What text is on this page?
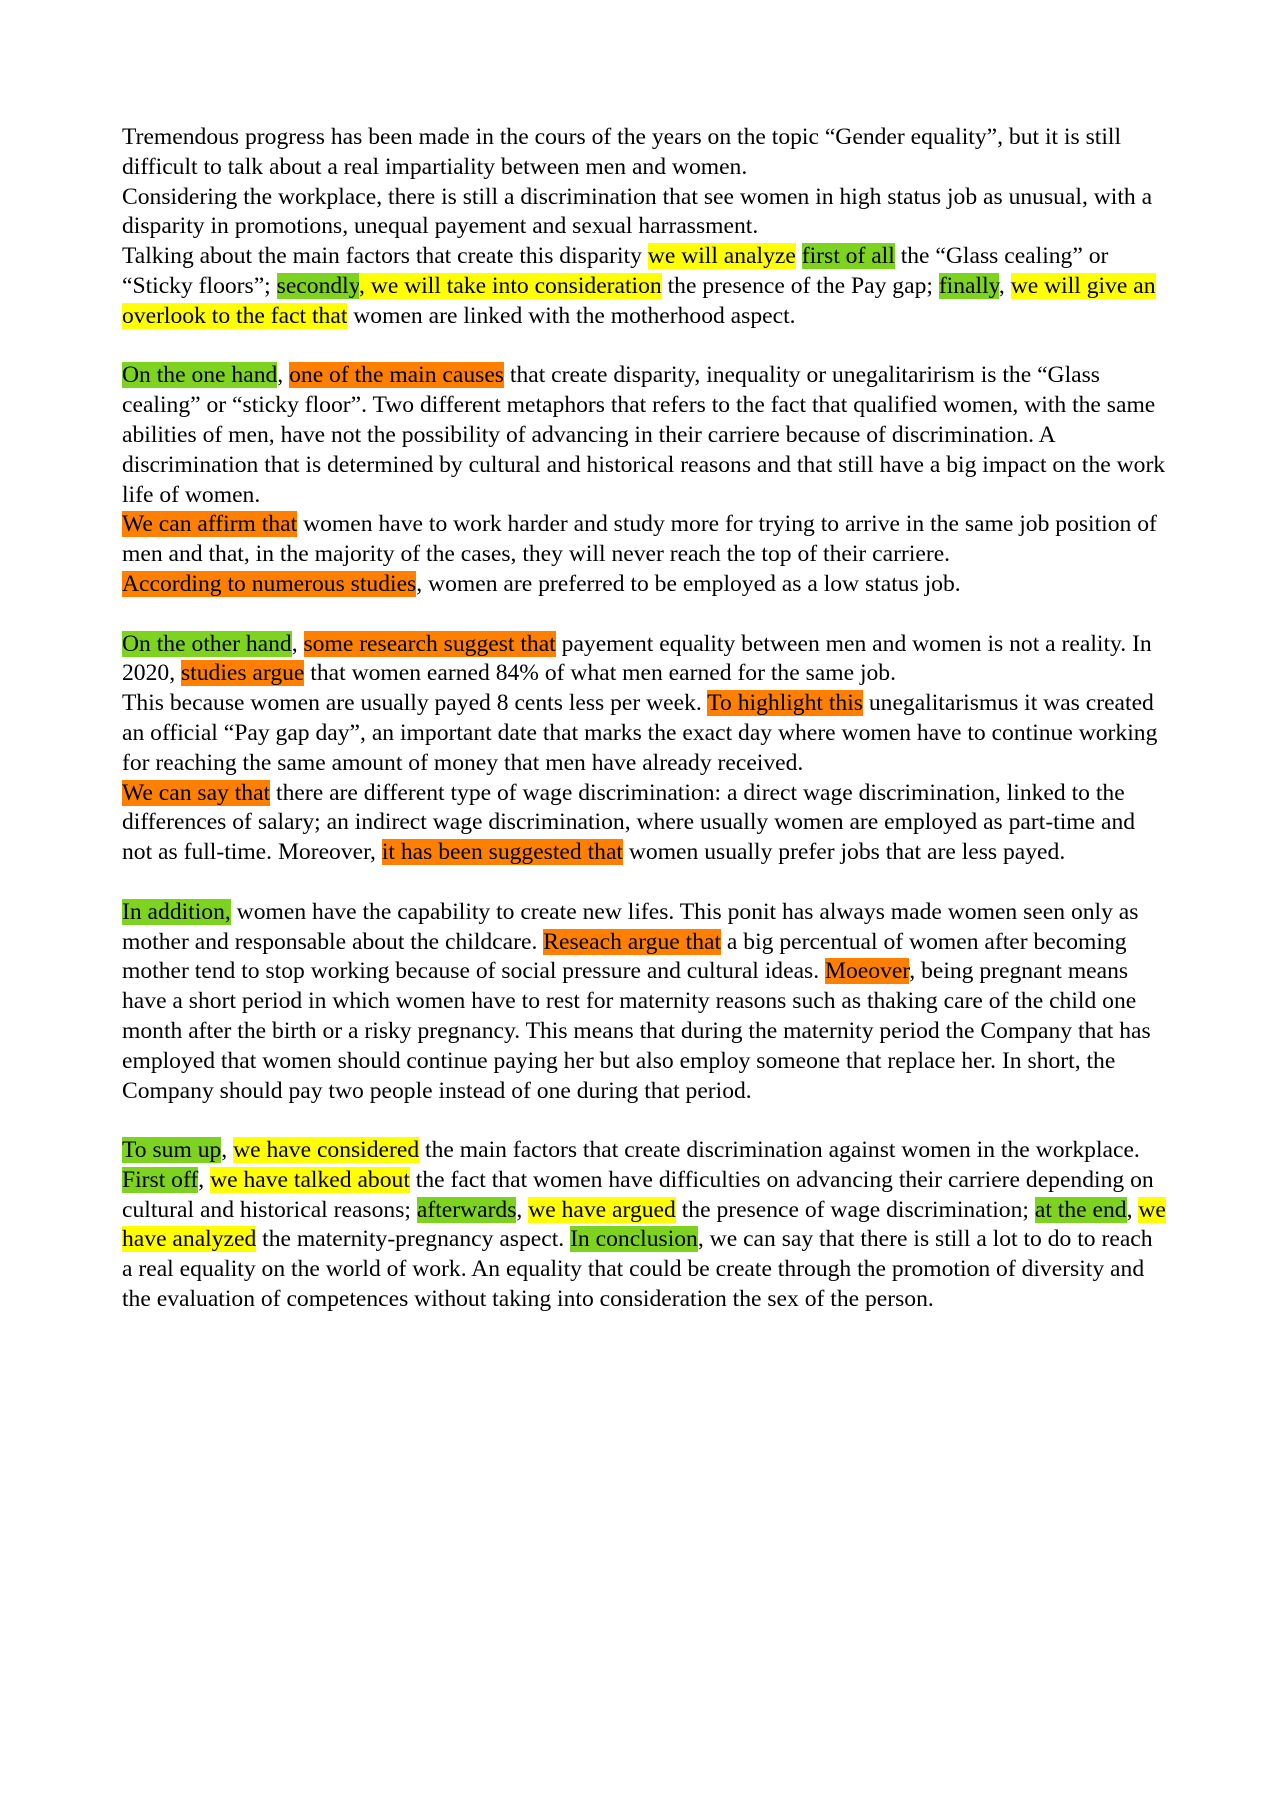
Tremendous progress has been made in the cours of the years on the topic “Gender equality”, but it is still difficult to talk about a real impartiality between men and women.
Considering the workplace, there is still a discrimination that see women in high status job as unusual, with a disparity in promotions, unequal payement and sexual harrassment.
Talking about the main factors that create this disparity we will analyze first of all the “Glass cealing” or “Sticky floors”; secondly, we will take into consideration the presence of the Pay gap; finally, we will give an overlook to the fact that women are linked with the motherhood aspect.
On the one hand, one of the main causes that create disparity, inequality or unegalitarirism is the “Glass cealing” or “sticky floor”. Two different metaphors that refers to the fact that qualified women, with the same abilities of men, have not the possibility of advancing in their carriere because of discrimination. A discrimination that is determined by cultural and historical reasons and that still have a big impact on the work life of women.
We can affirm that women have to work harder and study more for trying to arrive in the same job position of men and that, in the majority of the cases, they will never reach the top of their carriere.
According to numerous studies, women are preferred to be employed as a low status job.
On the other hand, some research suggest that payement equality between men and women is not a reality. In 2020, studies argue that women earned 84% of what men earned for the same job.
This because women are usually payed 8 cents less per week. To highlight this unegalitarismus it was created an official “Pay gap day”, an important date that marks the exact day where women have to continue working for reaching the same amount of money that men have already received.
We can say that there are different type of wage discrimination: a direct wage discrimination, linked to the differences of salary; an indirect wage discrimination, where usually women are employed as part-time and not as full-time. Moreover, it has been suggested that women usually prefer jobs that are less payed.
In addition, women have the capability to create new lifes. This ponit has always made women seen only as mother and responsable about the childcare. Reseach argue that a big percentual of women after becoming mother tend to stop working because of social pressure and cultural ideas. Moeover, being pregnant means have a short period in which women have to rest for maternity reasons such as thaking care of the child one month after the birth or a risky pregnancy. This means that during the maternity period the Company that has employed that women should continue paying her but also employ someone that replace her. In short, the Company should pay two people instead of one during that period.
To sum up, we have considered the main factors that create discrimination against women in the workplace. First off, we have talked about the fact that women have difficulties on advancing their carriere depending on cultural and historical reasons; afterwards, we have argued the presence of wage discrimination; at the end, we have analyzed the maternity-pregnancy aspect. In conclusion, we can say that there is still a lot to do to reach a real equality on the world of work. An equality that could be create through the promotion of diversity and the evaluation of competences without taking into consideration the sex of the person.
